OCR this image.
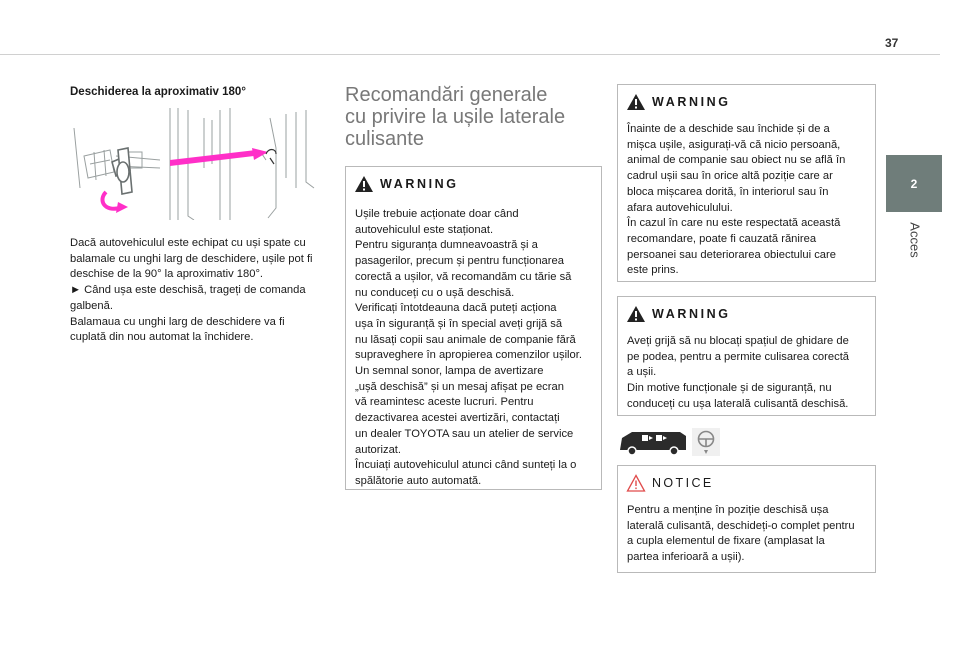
37
2
Acces
Deschiderea la aproximativ 180°
Dacă autovehiculul este echipat cu uși spate cu
balamale cu unghi larg de deschidere, ușile pot fi
deschise de la 90° la aproximativ 180°.
► Când ușa este deschisă, trageți de comanda
galbenă.
Balamaua cu unghi larg de deschidere va fi
cuplată din nou automat la închidere.
Recomandări generale
cu privire la ușile laterale
culisante
WARNING
Ușile trebuie acționate doar când
autovehiculul este staționat.
Pentru siguranța dumneavoastră și a
pasagerilor, precum și pentru funcționarea
corectă a ușilor, vă recomandăm cu tărie să
nu conduceți cu o ușă deschisă.
Verificați întotdeauna dacă puteți acționa
ușa în siguranță și în special aveți grijă să
nu lăsați copii sau animale de companie fără
supraveghere în apropierea comenzilor ușilor.
Un semnal sonor, lampa de avertizare
„ușă deschisă” și un mesaj afișat pe ecran
vă reamintesc aceste lucruri. Pentru
dezactivarea acestei avertizări, contactați
un dealer TOYOTA sau un atelier de service
autorizat.
Încuiați autovehiculul atunci când sunteți la o
spălătorie auto automată.
WARNING
Înainte de a deschide sau închide și de a
mișca ușile, asigurați-vă că nicio persoană,
animal de companie sau obiect nu se află în
cadrul ușii sau în orice altă poziție care ar
bloca mișcarea dorită, în interiorul sau în
afara autovehiculului.
În cazul în care nu este respectată această
recomandare, poate fi cauzată rănirea
persoanei sau deteriorarea obiectului care
este prins.
WARNING
Aveți grijă să nu blocați spațiul de ghidare de
pe podea, pentru a permite culisarea corectă
a ușii.
Din motive funcționale și de siguranță, nu
conduceți cu ușa laterală culisantă deschisă.
NOTICE
Pentru a menține în poziție deschisă ușa
laterală culisantă, deschideți-o complet pentru
a cupla elementul de fixare (amplasat la
partea inferioară a ușii).
